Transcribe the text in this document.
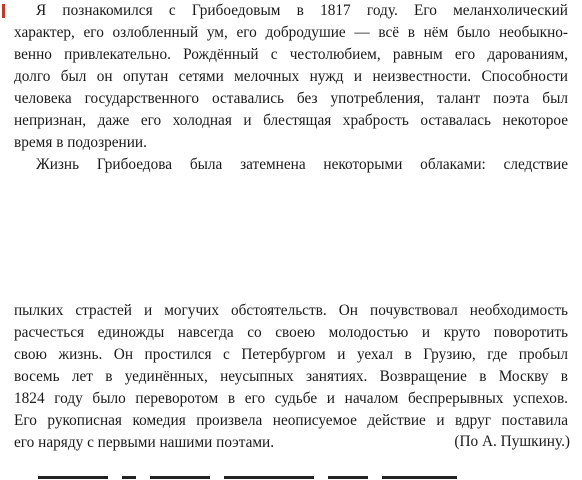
Я познакомился с Грибоедовым в 1817 году. Его меланхолический
характер, его озлобленный ум, его добродушие — всё в нём было необыкно-
венно привлекательно. Рождённый с честолюбием, равным его дарованиям,
долго был он опутан сетями мелочных нужд и неизвестности. Способности
человека государственного оставались без употребления, талант поэта был
непризнан, даже его холодная и блестящая храбрость оставалась некоторое
время в подозрении.
Жизнь Грибоедова была затемнена некоторыми облаками: следствие
пылких страстей и могучих обстоятельств. Он почувствовал необходимость
расчесться единожды навсегда со своею молодостью и круто поворотить
свою жизнь. Он простился с Петербургом и уехал в Грузию, где пробыл
восемь лет в уединённых, неусыпных занятиях. Возвращение в Москву в
1824 году было переворотом в его судьбе и началом беспрерывных успехов.
Его рукописная комедия произвела неописуемое действие и вдруг поставила
его наряду с первыми нашими поэтами.	(По А. Пушкину.)
